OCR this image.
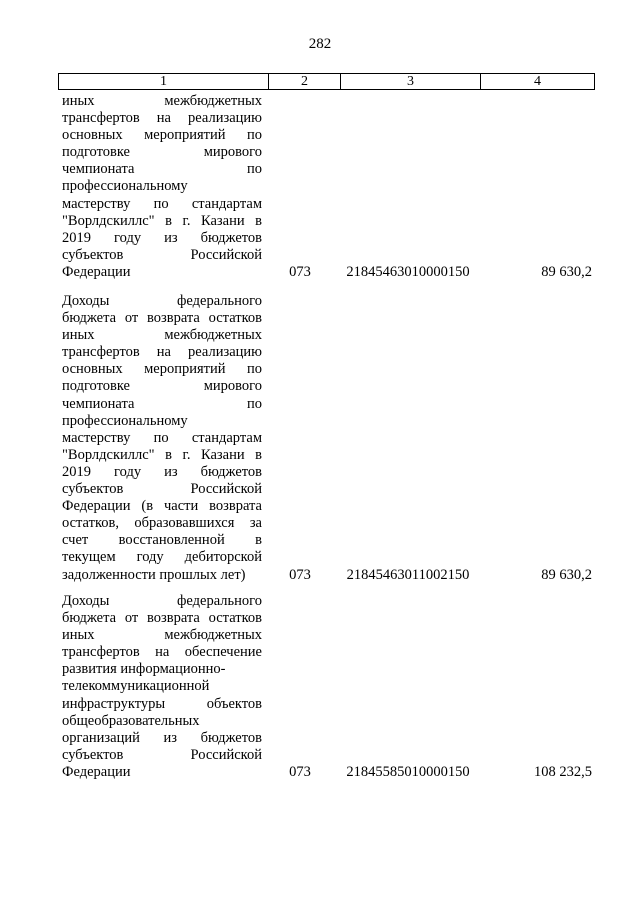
282
1	2	3	4
иных межбюджетных
трансфертов на реализацию
основных мероприятий по
подготовке мирового
чемпионата по
профессиональному
мастерству по стандартам
"Ворлдскиллс" в г. Казани в
2019 году из бюджетов
субъектов Российской
Федерации	073	21845463010000150	89 630,2
Доходы федерального
бюджета от возврата остатков
иных межбюджетных
трансфертов на реализацию
основных мероприятий по
подготовке мирового
чемпионата по
профессиональному
мастерству по стандартам
"Ворлдскиллс" в г. Казани в
2019 году из бюджетов
субъектов Российской
Федерации (в части возврата
остатков, образовавшихся за
счет восстановленной в
текущем году дебиторской
задолженности прошлых лет)	073	21845463011002150	89 630,2
Доходы федерального
бюджета от возврата остатков
иных межбюджетных
трансфертов на обеспечение
развития информационно-
телекоммуникационной
инфраструктуры объектов
общеобразовательных
организаций из бюджетов
субъектов Российской
Федерации	073	21845585010000150	108 232,5
